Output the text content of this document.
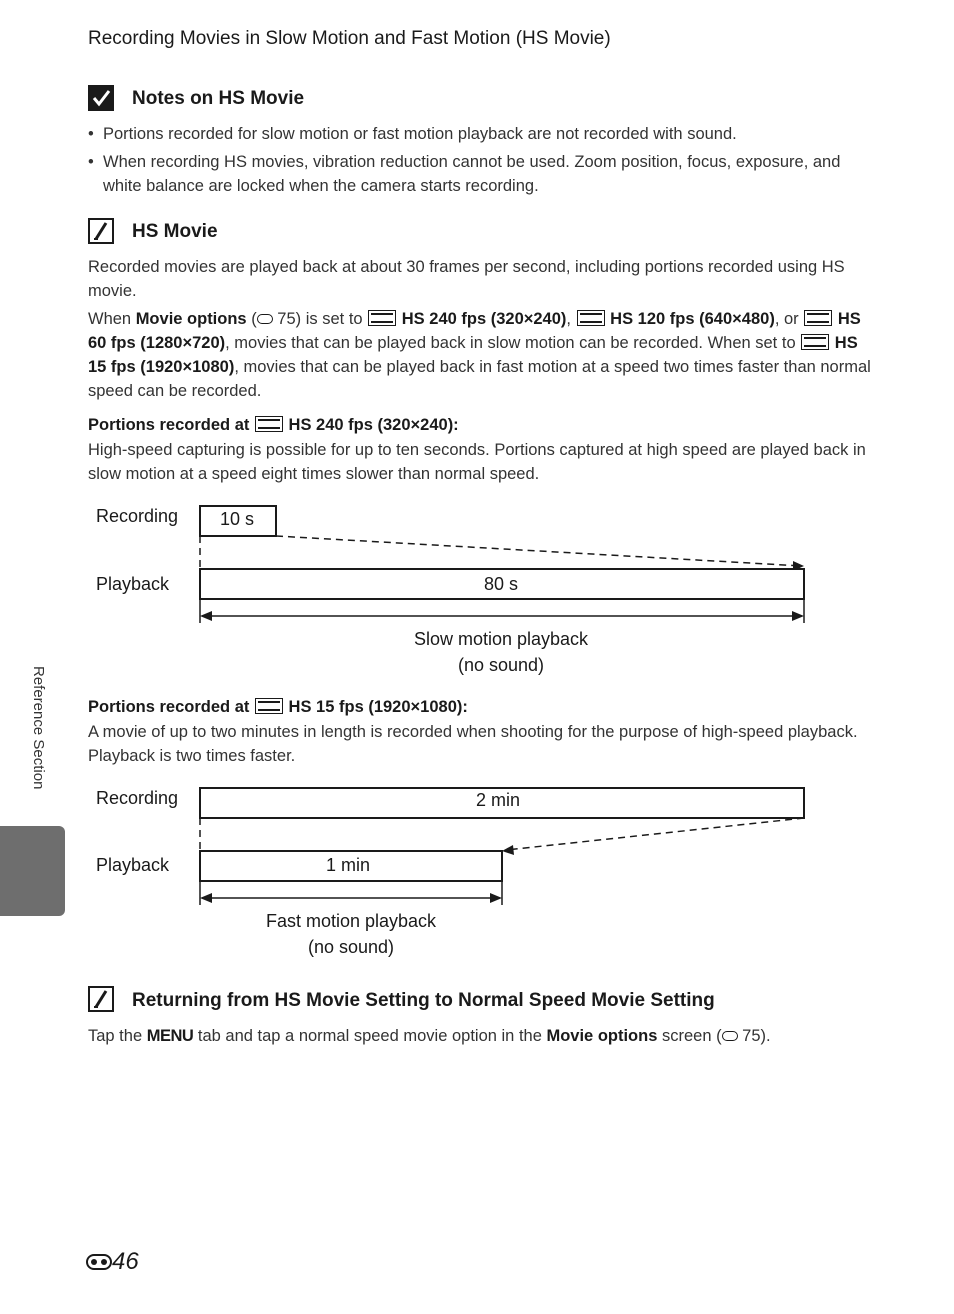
Recording Movies in Slow Motion and Fast Motion (HS Movie)
Notes on HS Movie
• Portions recorded for slow motion or fast motion playback are not recorded with sound.
• When recording HS movies, vibration reduction cannot be used. Zoom position, focus, exposure, and white balance are locked when the camera starts recording.
HS Movie

Recorded movies are played back at about 30 frames per second, including portions recorded using HS movie.

When Movie options ( 75) is set to  HS 240 fps (320×240),  HS 120 fps (640×480), or  HS 60 fps (1280×720), movies that can be played back in slow motion can be recorded. When set to  HS 15 fps (1920×1080), movies that can be played back in fast motion at a speed two times faster than normal speed can be recorded.

Portions recorded at  HS 240 fps (320×240):

High-speed capturing is possible for up to ten seconds. Portions captured at high speed are played back in slow motion at a speed eight times slower than normal speed.

Recording
Playback
10 s
80 s
Slow motion playback
(no sound)
Portions recorded at  HS 15 fps (1920×1080):

A movie of up to two minutes in length is recorded when shooting for the purpose of high-speed playback. Playback is two times faster.

Recording
Playback
2 min
1 min
Fast motion playback
(no sound)
Returning from HS Movie Setting to Normal Speed Movie Setting

Tap the MENU tab and tap a normal speed movie option in the Movie options screen ( 75).

Reference Section
46
